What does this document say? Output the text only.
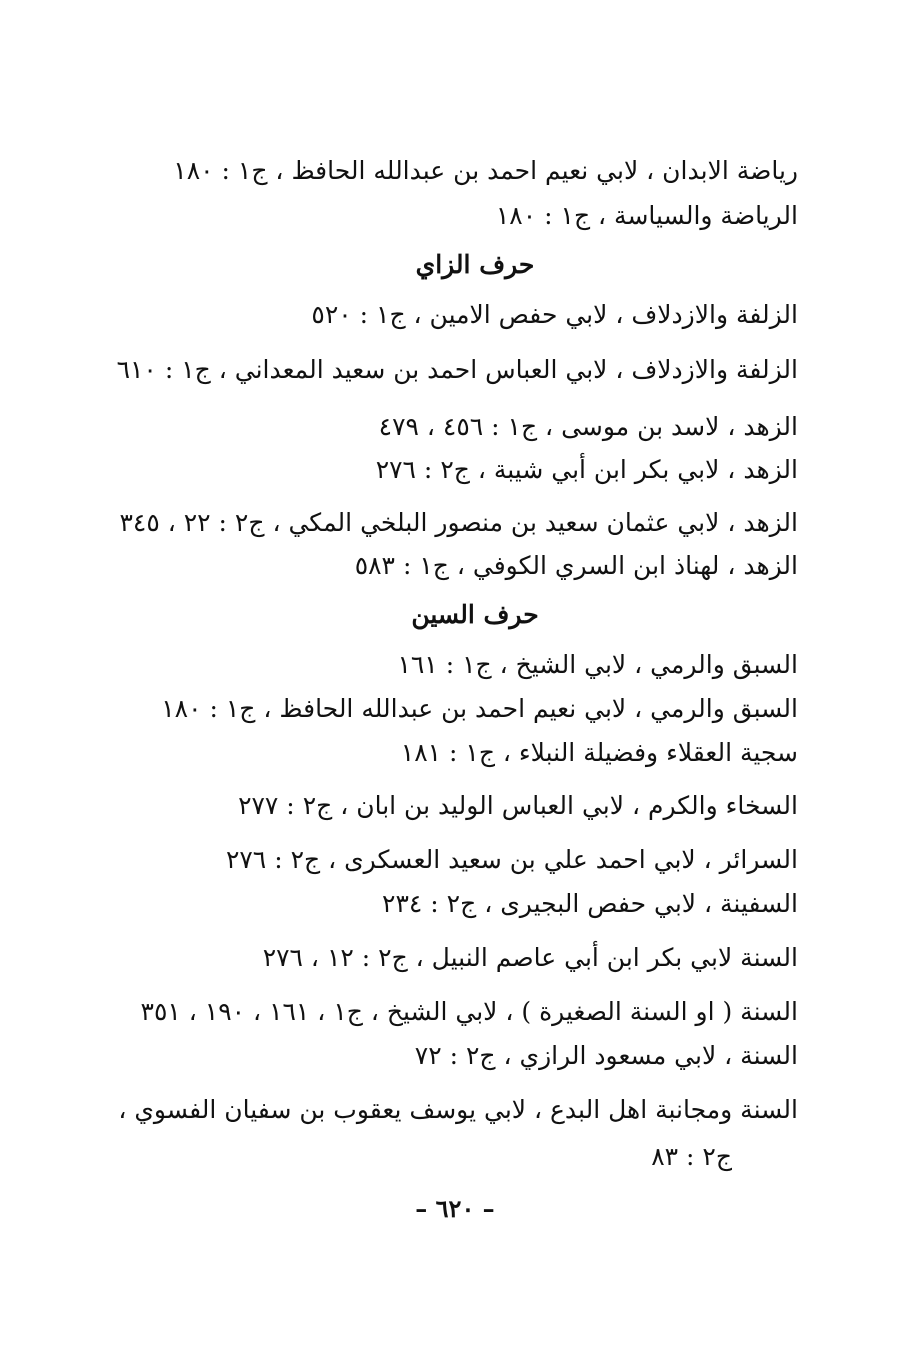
رياضة الابدان ، لابي نعيم احمد بن عبدالله الحافظ ، ج١ : ١٨٠
الرياضة والسياسة ، ج١ : ١٨٠
حرف الزاي
الزلفة والازدلاف ، لابي حفص الامين ، ج١ : ٥٢٠
الزلفة والازدلاف ، لابي العباس احمد بن سعيد المعداني ، ج١ : ٦١٠
الزهد ، لاسد بن موسى ، ج١ : ٤٥٦ ، ٤٧٩
الزهد ، لابي بكر ابن أبي شيبة ، ج٢ : ٢٧٦
الزهد ، لابي عثمان سعيد بن منصور البلخي المكي ، ج٢ : ٢٢ ، ٣٤٥
الزهد ، لهناذ ابن السري الكوفي ، ج١ : ٥٨٣
حرف السين
السبق والرمي ، لابي الشيخ ، ج١ : ١٦١
السبق والرمي ، لابي نعيم احمد بن عبدالله الحافظ ، ج١ : ١٨٠
سجية العقلاء وفضيلة النبلاء ، ج١ : ١٨١
السخاء والكرم ، لابي العباس الوليد بن ابان ، ج٢ : ٢٧٧
السرائر ، لابي احمد علي بن سعيد العسكرى ، ج٢ : ٢٧٦
السفينة ، لابي حفص البجيرى ، ج٢ : ٢٣٤
السنة لابي بكر ابن أبي عاصم النبيل ، ج٢ : ١٢ ، ٢٧٦
السنة ( او السنة الصغيرة ) ، لابي الشيخ ، ج١ ، ١٦١ ، ١٩٠ ، ٣٥١
السنة ، لابي مسعود الرازي ، ج٢ : ٧٢
السنة ومجانبة اهل البدع ، لابي يوسف يعقوب بن سفيان الفسوي ،
ج٢ : ٨٣
– ٦٢٠ –
